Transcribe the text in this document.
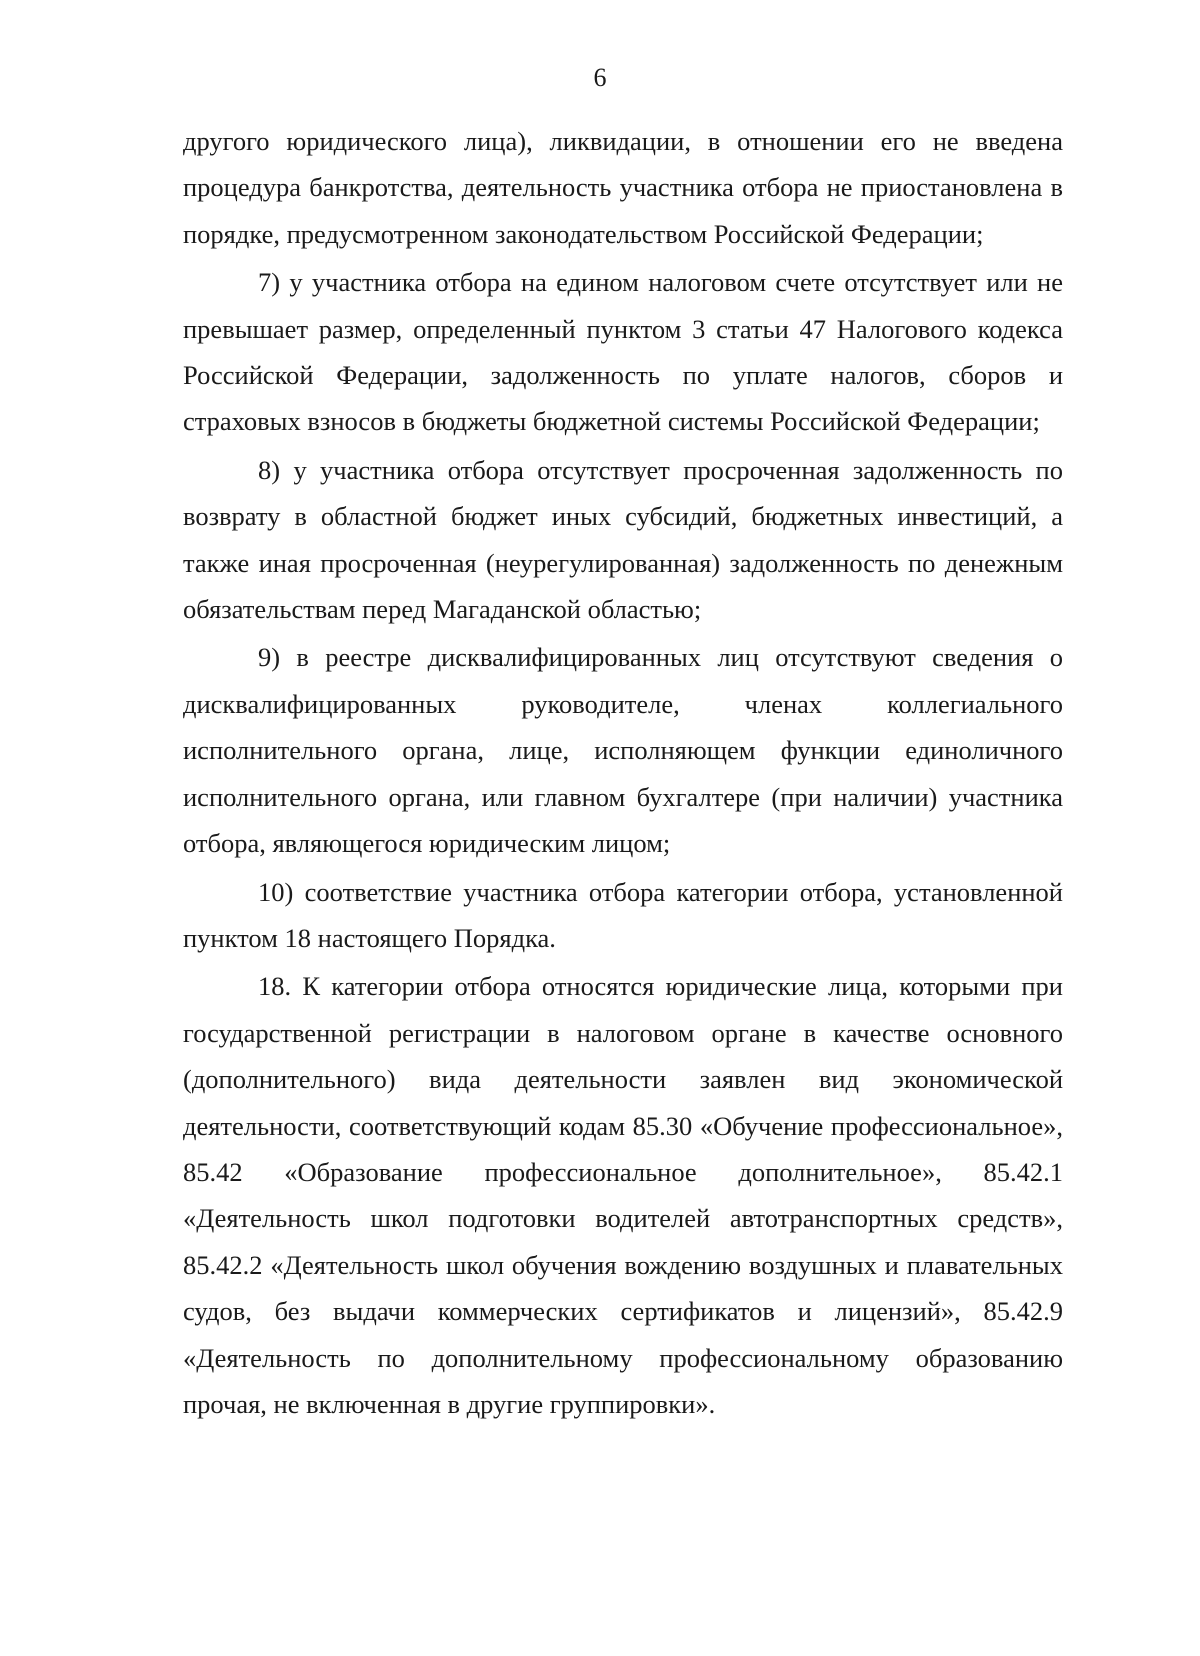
6

другого юридического лица), ликвидации, в отношении его не введена процедура банкротства, деятельность участника отбора не приостановлена в порядке, предусмотренном законодательством Российской Федерации;

7) у участника отбора на едином налоговом счете отсутствует или не превышает размер, определенный пунктом 3 статьи 47 Налогового кодекса Российской Федерации, задолженность по уплате налогов, сборов и страховых взносов в бюджеты бюджетной системы Российской Федерации;

8) у участника отбора отсутствует просроченная задолженность по возврату в областной бюджет иных субсидий, бюджетных инвестиций, а также иная просроченная (неурегулированная) задолженность по денежным обязательствам перед Магаданской областью;

9) в реестре дисквалифицированных лиц отсутствуют сведения о дисквалифицированных руководителе, членах коллегиального исполнительного органа, лице, исполняющем функции единоличного исполнительного органа, или главном бухгалтере (при наличии) участника отбора, являющегося юридическим лицом;

10) соответствие участника отбора категории отбора, установленной пунктом 18 настоящего Порядка.

18. К категории отбора относятся юридические лица, которыми при государственной регистрации в налоговом органе в качестве основного (дополнительного) вида деятельности заявлен вид экономической деятельности, соответствующий кодам 85.30 «Обучение профессиональное», 85.42 «Образование профессиональное дополнительное», 85.42.1 «Деятельность школ подготовки водителей автотранспортных средств», 85.42.2 «Деятельность школ обучения вождению воздушных и плавательных судов, без выдачи коммерческих сертификатов и лицензий», 85.42.9 «Деятельность по дополнительному профессиональному образованию прочая, не включенная в другие группировки».
